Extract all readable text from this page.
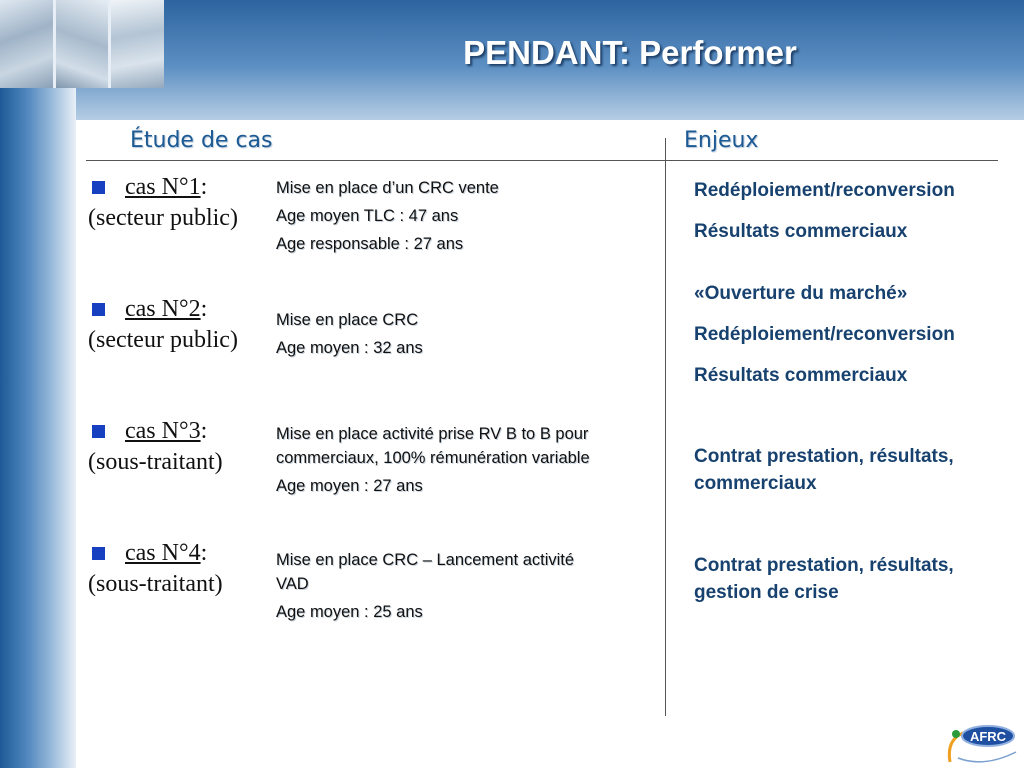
PENDANT: Performer
Étude de cas	Enjeux
cas N°1 :
(secteur public)
Mise en place d’un CRC vente
Age moyen TLC : 47 ans
Age responsable : 27 ans
Redéploiement/reconversion
Résultats commerciaux
cas N°2 :
(secteur public)
Mise en place CRC
Age moyen : 32 ans
«Ouverture du marché»
Redéploiement/reconversion
Résultats commerciaux
cas N°3 :
(sous-traitant)
Mise en place activité prise RV B to B pour
commerciaux, 100% rémunération variable
Age moyen : 27 ans
Contrat prestation, résultats,
commerciaux
cas N°4 :
(sous-traitant)
Mise en place CRC – Lancement activité
VAD
Age moyen : 25 ans
Contrat prestation, résultats,
gestion de crise
AFRC
